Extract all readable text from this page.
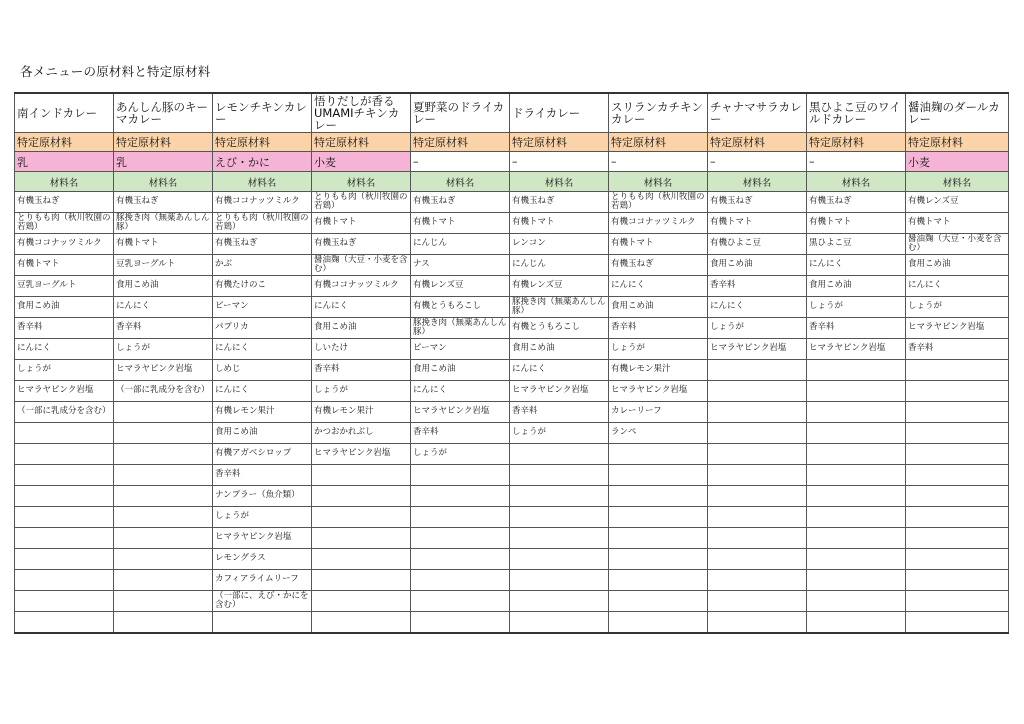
各メニューの原材料と特定原材料
南インドカレー	あんしん豚のキーマカレー	レモンチキンカレー	悟りだしが香るUMAMIチキンカレー	夏野菜のドライカレー	ドライカレー	スリランカチキンカレー	チャナマサラカレー	黒ひよこ豆のワイルドカレー	醤油麹のダールカレー
特定原材料	特定原材料	特定原材料	特定原材料	特定原材料	特定原材料	特定原材料	特定原材料	特定原材料	特定原材料
乳	乳	えび・かに	小麦	–	–	–	–	–	小麦
材料名	材料名	材料名	材料名	材料名	材料名	材料名	材料名	材料名	材料名
有機玉ねぎ	有機玉ねぎ	有機ココナッツミルク	とりもも肉（秋川牧園の若鶏）	有機玉ねぎ	有機玉ねぎ	とりもも肉（秋川牧園の若鶏）	有機玉ねぎ	有機玉ねぎ	有機レンズ豆
とりもも肉（秋川牧園の若鶏）	豚挽き肉（無薬あんしん豚）	とりもも肉（秋川牧園の若鶏）	有機トマト	有機トマト	有機トマト	有機ココナッツミルク	有機トマト	有機トマト	有機トマト
有機ココナッツミルク	有機トマト	有機玉ねぎ	有機玉ねぎ	にんじん	レンコン	有機トマト	有機ひよこ豆	黒ひよこ豆	醤油麹（大豆・小麦を含む）
有機トマト	豆乳ヨーグルト	かぶ	醤油麹（大豆・小麦を含む）	ナス	にんじん	有機玉ねぎ	食用こめ油	にんにく	食用こめ油
豆乳ヨーグルト	食用こめ油	有機たけのこ	有機ココナッツミルク	有機レンズ豆	有機レンズ豆	にんにく	香辛料	食用こめ油	にんにく
食用こめ油	にんにく	ピーマン	にんにく	有機とうもろこし	豚挽き肉（無薬あんしん豚）	食用こめ油	にんにく	しょうが	しょうが
香辛料	香辛料	パプリカ	食用こめ油	豚挽き肉（無薬あんしん豚）	有機とうもろこし	香辛料	しょうが	香辛料	ヒマラヤピンク岩塩
にんにく	しょうが	にんにく	しいたけ	ピーマン	食用こめ油	しょうが	ヒマラヤピンク岩塩	ヒマラヤピンク岩塩	香辛料
しょうが	ヒマラヤピンク岩塩	しめじ	香辛料	食用こめ油	にんにく	有機レモン果汁			
ヒマラヤピンク岩塩	（一部に乳成分を含む）	にんにく	しょうが	にんにく	ヒマラヤピンク岩塩	ヒマラヤピンク岩塩			
（一部に乳成分を含む）		有機レモン果汁	有機レモン果汁	ヒマラヤピンク岩塩	香辛料	カレーリーフ			
		食用こめ油	かつおかれぶし	香辛料	しょうが	ランペ			
		有機アガベシロップ	ヒマラヤピンク岩塩	しょうが					
		香辛料							
		ナンプラー（魚介類）							
		しょうが							
		ヒマラヤピンク岩塩							
		レモングラス							
		カフィアライムリーフ							
		（一部に、えび・かにを含む）							
